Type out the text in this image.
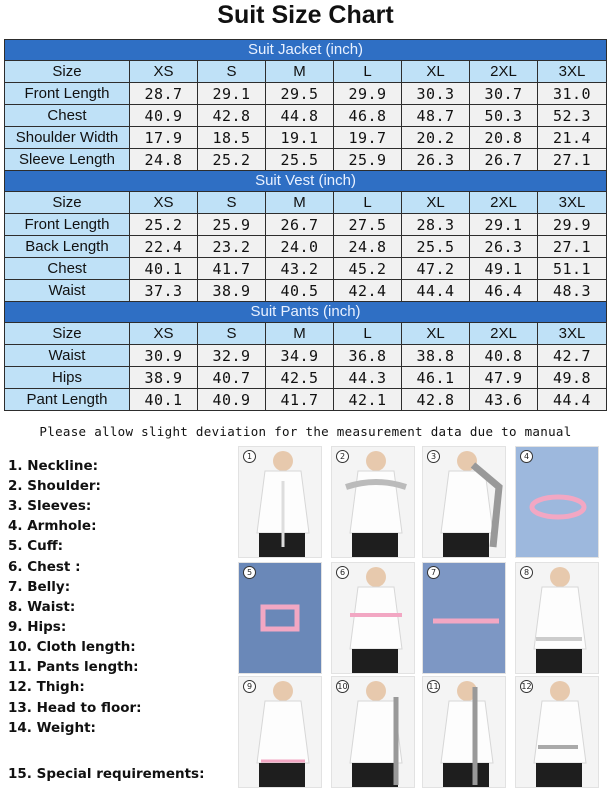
Suit Size Chart
Suit Jacket (inch)							
Size	XS	S	M	L	XL	2XL	3XL
Front Length	28.7	29.1	29.5	29.9	30.3	30.7	31.0
Chest	40.9	42.8	44.8	46.8	48.7	50.3	52.3
Shoulder Width	17.9	18.5	19.1	19.7	20.2	20.8	21.4
Sleeve Length	24.8	25.2	25.5	25.9	26.3	26.7	27.1
Suit Vest (inch)							
Size	XS	S	M	L	XL	2XL	3XL
Front Length	25.2	25.9	26.7	27.5	28.3	29.1	29.9
Back Length	22.4	23.2	24.0	24.8	25.5	26.3	27.1
Chest	40.1	41.7	43.2	45.2	47.2	49.1	51.1
Waist	37.3	38.9	40.5	42.4	44.4	46.4	48.3
Suit Pants (inch)							
Size	XS	S	M	L	XL	2XL	3XL
Waist	30.9	32.9	34.9	36.8	38.8	40.8	42.7
Hips	38.9	40.7	42.5	44.3	46.1	47.9	49.8
Pant Length	40.1	40.9	41.7	42.1	42.8	43.6	44.4
Please allow slight deviation for the measurement data due to manual
1. Neckline:
2. Shoulder:
3. Sleeves:
4. Armhole:
5. Cuff:
6. Chest :
7. Belly:
8. Waist:
9. Hips:
10. Cloth length:
11. Pants length:
12. Thigh:
13. Head to floor:
14. Weight:
15. Special requirements:
1	2	3	4
5	6	7	8
9	10	11	12
